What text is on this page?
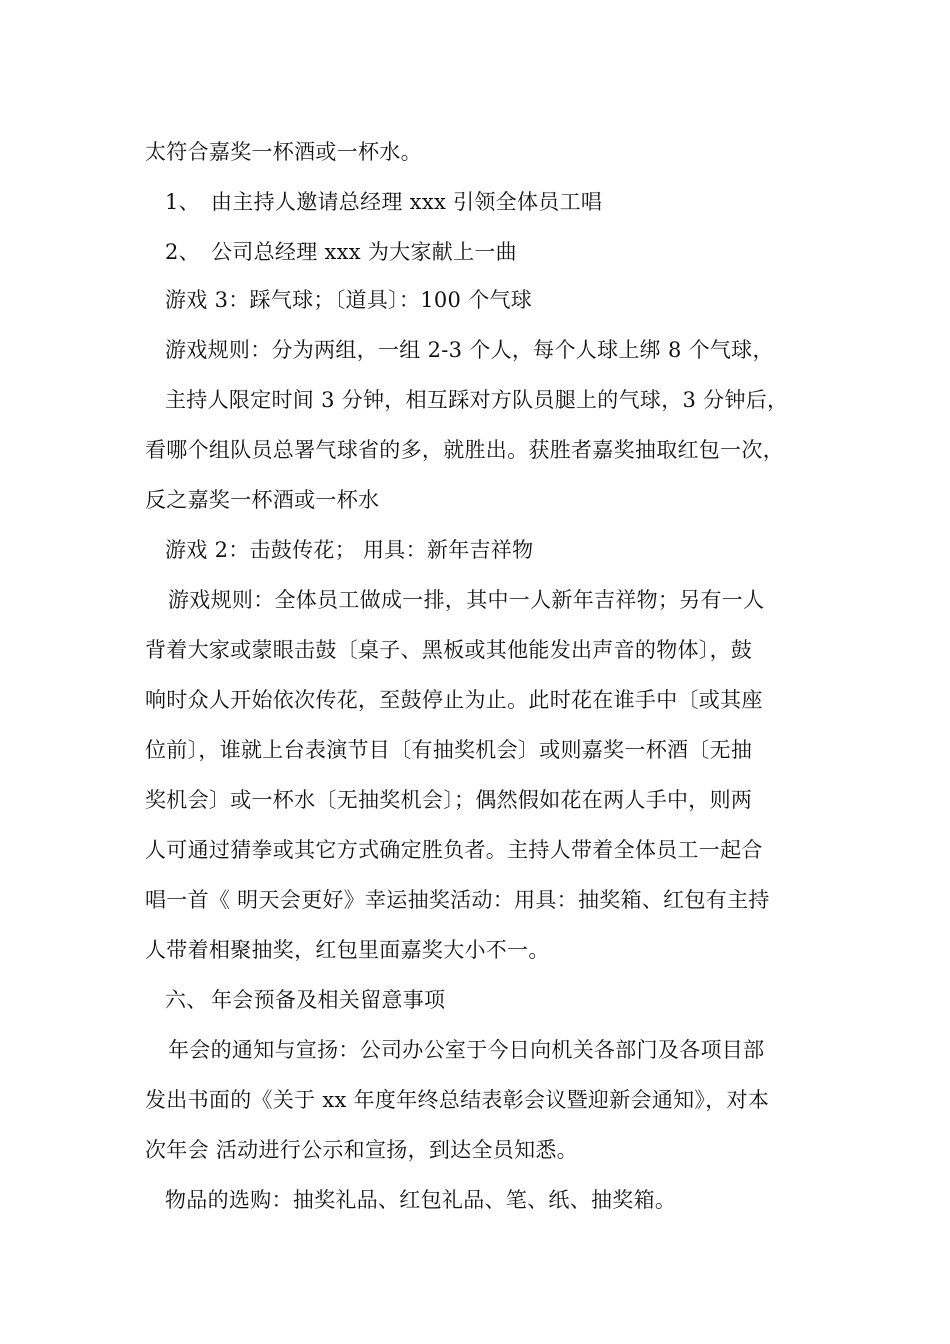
太符合嘉奖一杯酒或一杯水。
1、 由主持人邀请总经理 xxx 引领全体员工唱
2、 公司总经理 xxx 为大家献上一曲
游戏 3：踩气球；〔道具〕：100 个气球
游戏规则：分为两组，一组 2-3 个人，每个人球上绑 8 个气球，
主持人限定时间 3 分钟，相互踩对方队员腿上的气球，3 分钟后，
看哪个组队员总署气球省的多，就胜出。获胜者嘉奖抽取红包一次，
反之嘉奖一杯酒或一杯水
游戏 2：击鼓传花； 用具：新年吉祥物
游戏规则：全体员工做成一排，其中一人新年吉祥物；另有一人
背着大家或蒙眼击鼓〔桌子、黑板或其他能发出声音的物体〕，鼓
响时众人开始依次传花，至鼓停止为止。此时花在谁手中〔或其座
位前〕，谁就上台表演节目〔有抽奖机会〕或则嘉奖一杯酒〔无抽
奖机会〕或一杯水〔无抽奖机会〕；偶然假如花在两人手中，则两
人可通过猜拳或其它方式确定胜负者。主持人带着全体员工一起合
唱一首《 明天会更好》幸运抽奖活动：用具：抽奖箱、红包有主持
人带着相聚抽奖，红包里面嘉奖大小不一。
六、 年会预备及相关留意事项
年会的通知与宣扬：公司办公室于今日向机关各部门及各项目部
发出书面的《关于 xx 年度年终总结表彰会议暨迎新会通知》，对本
次年会 活动进行公示和宣扬，到达全员知悉。
物品的选购：抽奖礼品、红包礼品、笔、纸、抽奖箱。
